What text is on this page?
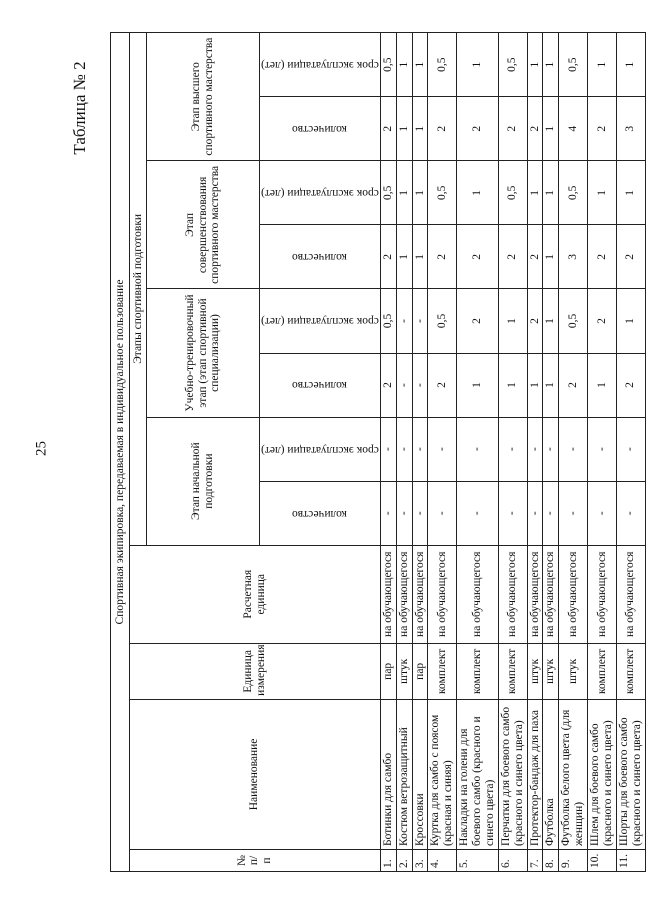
25
Таблица № 2
Спортивная экипировка, передаваемая в индивидуальное пользование											
№ п/п	Наименование	Единица измерения	Расчетная единица	Этапы спортивной подготовки							
				Этап начальной подготовки		Учебно-тренировочный этап (этап спортивной специализации)		Этап совершенствования спортивного мастерства		Этап высшего спортивного мастерства	

				количество	срок эксплуатации (лет)	количество	срок эксплуатации (лет)	количество	срок эксплуатации (лет)	количество	срок эксплуатации (лет)

1.	Ботинки для самбо	пар	на обучающегося	-	-	2	0,5	2	0,5	2	0,5
2.	Костюм ветрозащитный	штук	на обучающегося	-	-	-	-	1	1	1	1
3.	Кроссовки	пар	на обучающегося	-	-	-	-	1	1	1	1
4.	Куртка для самбо с поясом (красная и синяя)	комплект	на обучающегося	-	-	2	0,5	2	0,5	2	0,5
5.	Накладки на голени для боевого самбо (красного и синего цвета)	комплект	на обучающегося	-	-	1	2	2	1	2	1
6.	Перчатки для боевого самбо (красного и синего цвета)	комплект	на обучающегося	-	-	1	1	2	0,5	2	0,5
7.	Протектор-бандаж для паха	штук	на обучающегося	-	-	1	2	2	1	2	1
8.	Футболка	штук	на обучающегося	-	-	1	1	1	1	1	1
9.	Футболка белого цвета (для женщин)	штук	на обучающегося	-	-	2	0,5	3	0,5	4	0,5
10.	Шлем для боевого самбо (красного и синего цвета)	комплект	на обучающегося	-	-	1	2	2	1	2	1
11.	Шорты для боевого самбо (красного и синего цвета)	комплект	на обучающегося	-	-	2	1	2	1	3	1
